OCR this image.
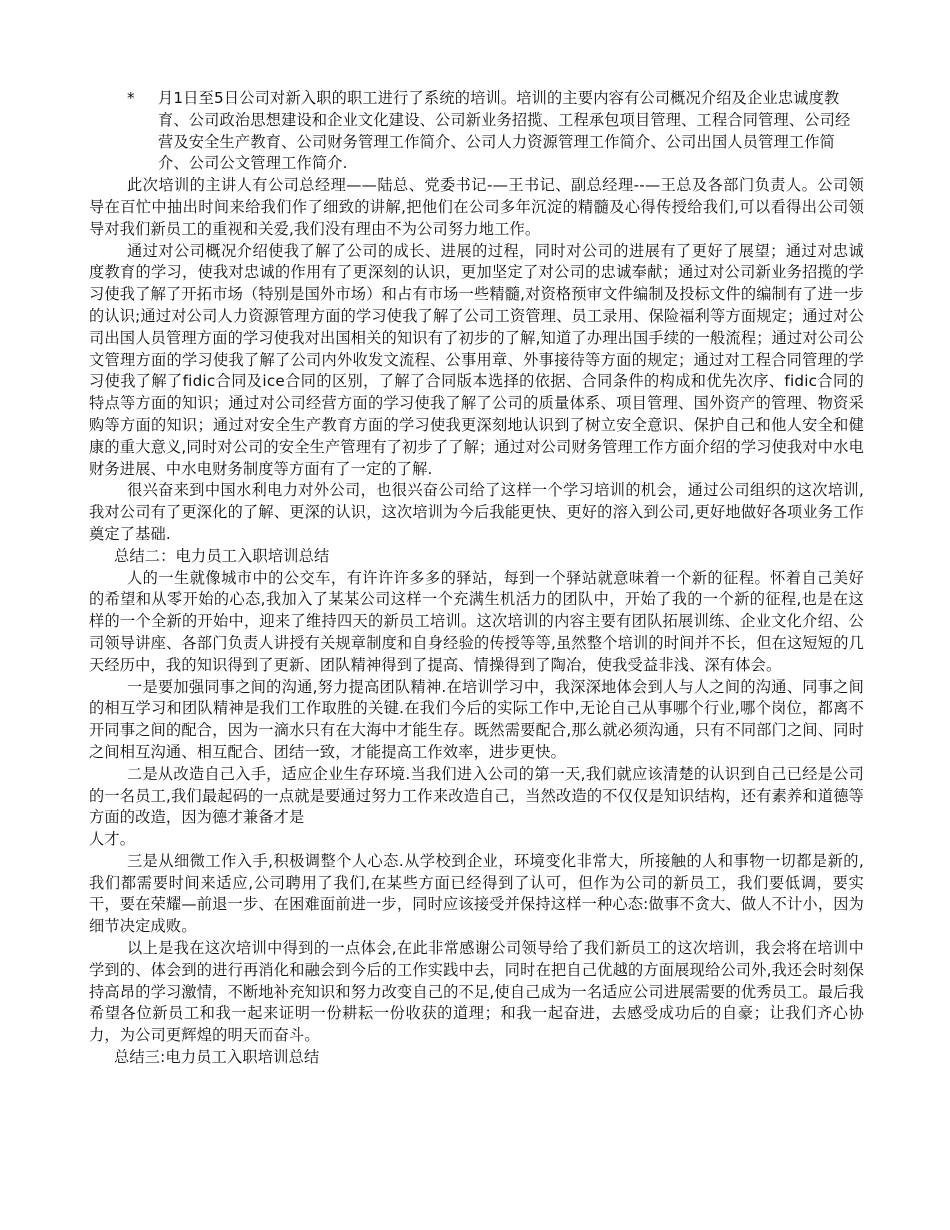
* 月1日至5日公司对新入职的职工进行了系统的培训。培训的主要内容有公司概况介绍及企业忠诚度教育、公司政治思想建设和企业文化建设、公司新业务招揽、工程承包项目管理、工程合同管理、公司经营及安全生产教育、公司财务管理工作简介、公司人力资源管理工作简介、公司出国人员管理工作简介、公司公文管理工作简介.

此次培训的主讲人有公司总经理——陆总、党委书记-—王书记、副总经理--—王总及各部门负责人。公司领导在百忙中抽出时间来给我们作了细致的讲解,把他们在公司多年沉淀的精髓及心得传授给我们,可以看得出公司领导对我们新员工的重视和关爱,我们没有理由不为公司努力地工作。

通过对公司概况介绍使我了解了公司的成长、进展的过程，同时对公司的进展有了更好了展望；通过对忠诚度教育的学习，使我对忠诚的作用有了更深刻的认识，更加坚定了对公司的忠诚奉献；通过对公司新业务招揽的学习使我了解了开拓市场（特别是国外市场）和占有市场一些精髓,对资格预审文件编制及投标文件的编制有了进一步的认识;通过对公司人力资源管理方面的学习使我了解了公司工资管理、员工录用、保险福利等方面规定；通过对公司出国人员管理方面的学习使我对出国相关的知识有了初步的了解,知道了办理出国手续的一般流程；通过对公司公文管理方面的学习使我了解了公司内外收发文流程、公事用章、外事接待等方面的规定；通过对工程合同管理的学习使我了解了fidic合同及ice合同的区别，了解了合同版本选择的依据、合同条件的构成和优先次序、fidic合同的特点等方面的知识；通过对公司经营方面的学习使我了解了公司的质量体系、项目管理、国外资产的管理、物资采购等方面的知识；通过对安全生产教育方面的学习使我更深刻地认识到了树立安全意识、保护自己和他人安全和健康的重大意义,同时对公司的安全生产管理有了初步了了解；通过对公司财务管理工作方面介绍的学习使我对中水电财务进展、中水电财务制度等方面有了一定的了解.

很兴奋来到中国水利电力对外公司，也很兴奋公司给了这样一个学习培训的机会，通过公司组织的这次培训,我对公司有了更深化的了解、更深的认识，这次培训为今后我能更快、更好的溶入到公司,更好地做好各项业务工作奠定了基础.

总结二：电力员工入职培训总结

人的一生就像城市中的公交车，有许许许多多的驿站，每到一个驿站就意味着一个新的征程。怀着自己美好的希望和从零开始的心态,我加入了某某公司这样一个充满生机活力的团队中，开始了我的一个新的征程,也是在这样的一个全新的开始中，迎来了维持四天的新员工培训。这次培训的内容主要有团队拓展训练、企业文化介绍、公司领导讲座、各部门负责人讲授有关规章制度和自身经验的传授等等,虽然整个培训的时间并不长，但在这短短的几天经历中，我的知识得到了更新、团队精神得到了提高、情操得到了陶冶，使我受益非浅、深有体会。

一是要加强同事之间的沟通,努力提高团队精神.在培训学习中，我深深地体会到人与人之间的沟通、同事之间的相互学习和团队精神是我们工作取胜的关键.在我们今后的实际工作中,无论自己从事哪个行业,哪个岗位，都离不开同事之间的配合，因为一滴水只有在大海中才能生存。既然需要配合,那么就必须沟通，只有不同部门之间、同时之间相互沟通、相互配合、团结一致，才能提高工作效率，进步更快。

二是从改造自己入手，适应企业生存环境.当我们进入公司的第一天,我们就应该清楚的认识到自己已经是公司的一名员工,我们最起码的一点就是要通过努力工作来改造自己，当然改造的不仅仅是知识结构，还有素养和道德等方面的改造，因为德才兼备才是

人才。

三是从细微工作入手,积极调整个人心态.从学校到企业，环境变化非常大，所接触的人和事物一切都是新的,我们都需要时间来适应,公司聘用了我们,在某些方面已经得到了认可，但作为公司的新员工，我们要低调，要实干，要在荣耀—前退一步、在困难面前进一步，同时应该接受并保持这样一种心态:做事不贪大、做人不计小，因为细节决定成败。

以上是我在这次培训中得到的一点体会,在此非常感谢公司领导给了我们新员工的这次培训，我会将在培训中学到的、体会到的进行再消化和融会到今后的工作实践中去，同时在把自己优越的方面展现给公司外,我还会时刻保持高昂的学习激情，不断地补充知识和努力改变自己的不足,使自己成为一名适应公司进展需要的优秀员工。最后我希望各位新员工和我一起来证明一份耕耘一份收获的道理；和我一起奋进，去感受成功后的自豪；让我们齐心协力，为公司更辉煌的明天而奋斗。

总结三:电力员工入职培训总结
